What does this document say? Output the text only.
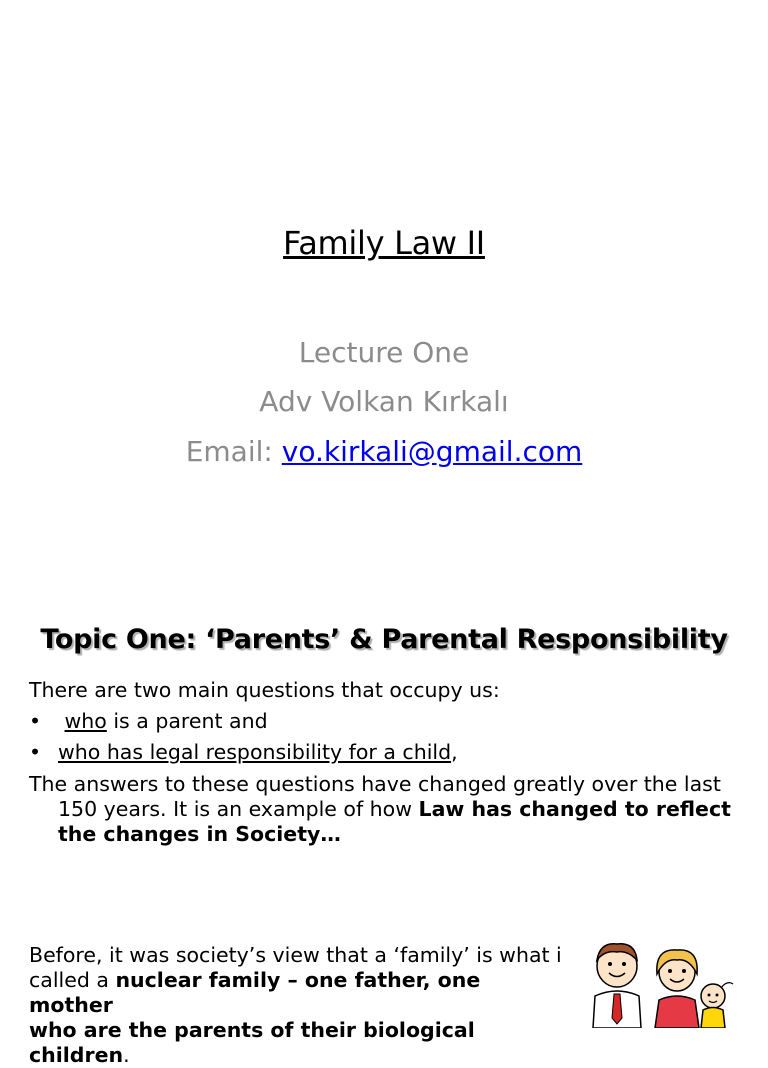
Family Law II

Lecture One

Adv Volkan Kırkalı

Email: vo.kirkali@gmail.com

Topic One: ‘Parents’ & Parental Responsibility
There are two main questions that occupy us:
•	who is a parent and
• who has legal responsibility for a child,
The answers to these questions have changed greatly over the last
150 years. It is an example of how Law has changed to reflect
the changes in Society…
Before, it was society’s view that a ‘family’ is what i
called a nuclear family – one father, one mother
who are the parents of their biological children.
